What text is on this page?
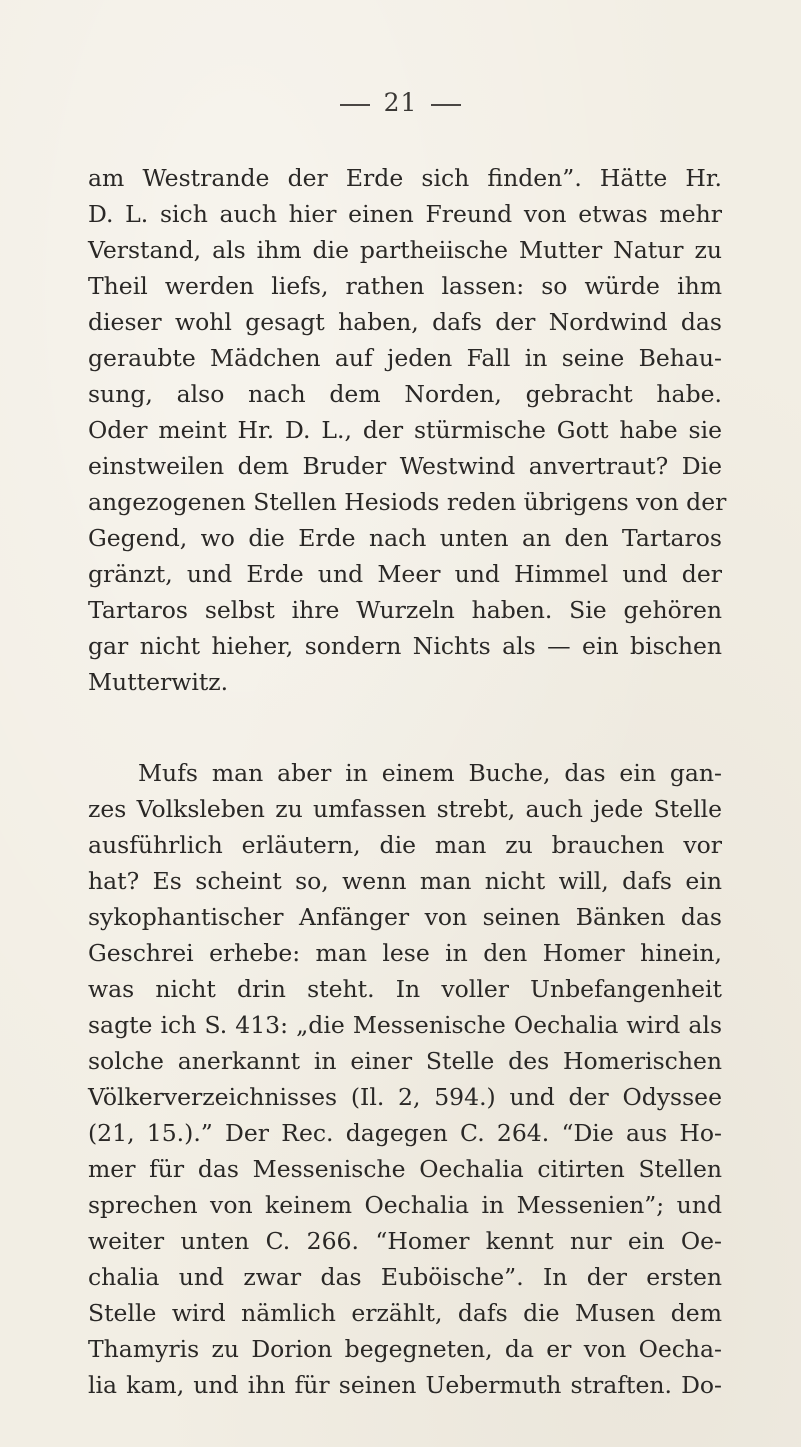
21
am Westrande der Erde sich finden”. Hätte Hr.
D. L. sich auch hier einen Freund von etwas mehr
Verstand, als ihm die partheiische Mutter Natur zu
Theil werden liefs, rathen lassen: so würde ihm
dieser wohl gesagt haben, dafs der Nordwind das
geraubte Mädchen auf jeden Fall in seine Behau-
sung, also nach dem Norden, gebracht habe.
Oder meint Hr. D. L., der stürmische Gott habe sie
einstweilen dem Bruder Westwind anvertraut? Die
angezogenen Stellen Hesiods reden übrigens von der
Gegend, wo die Erde nach unten an den Tartaros
gränzt, und Erde und Meer und Himmel und der
Tartaros selbst ihre Wurzeln haben. Sie gehören
gar nicht hieher, sondern Nichts als — ein bischen
Mutterwitz.
Mufs man aber in einem Buche, das ein gan-
zes Volksleben zu umfassen strebt, auch jede Stelle
ausführlich erläutern, die man zu brauchen vor
hat? Es scheint so, wenn man nicht will, dafs ein
sykophantischer Anfänger von seinen Bänken das
Geschrei erhebe: man lese in den Homer hinein,
was nicht drin steht. In voller Unbefangenheit
sagte ich S. 413: „die Messenische Oechalia wird als
solche anerkannt in einer Stelle des Homerischen
Völkerverzeichnisses (Il. 2, 594.) und der Odyssee
(21, 15.).” Der Rec. dagegen C. 264. “Die aus Ho-
mer für das Messenische Oechalia citirten Stellen
sprechen von keinem Oechalia in Messenien”; und
weiter unten C. 266. “Homer kennt nur ein Oe-
chalia und zwar das Euböische”. In der ersten
Stelle wird nämlich erzählt, dafs die Musen dem
Thamyris zu Dorion begegneten, da er von Oecha-
lia kam, und ihn für seinen Uebermuth straften. Do-
